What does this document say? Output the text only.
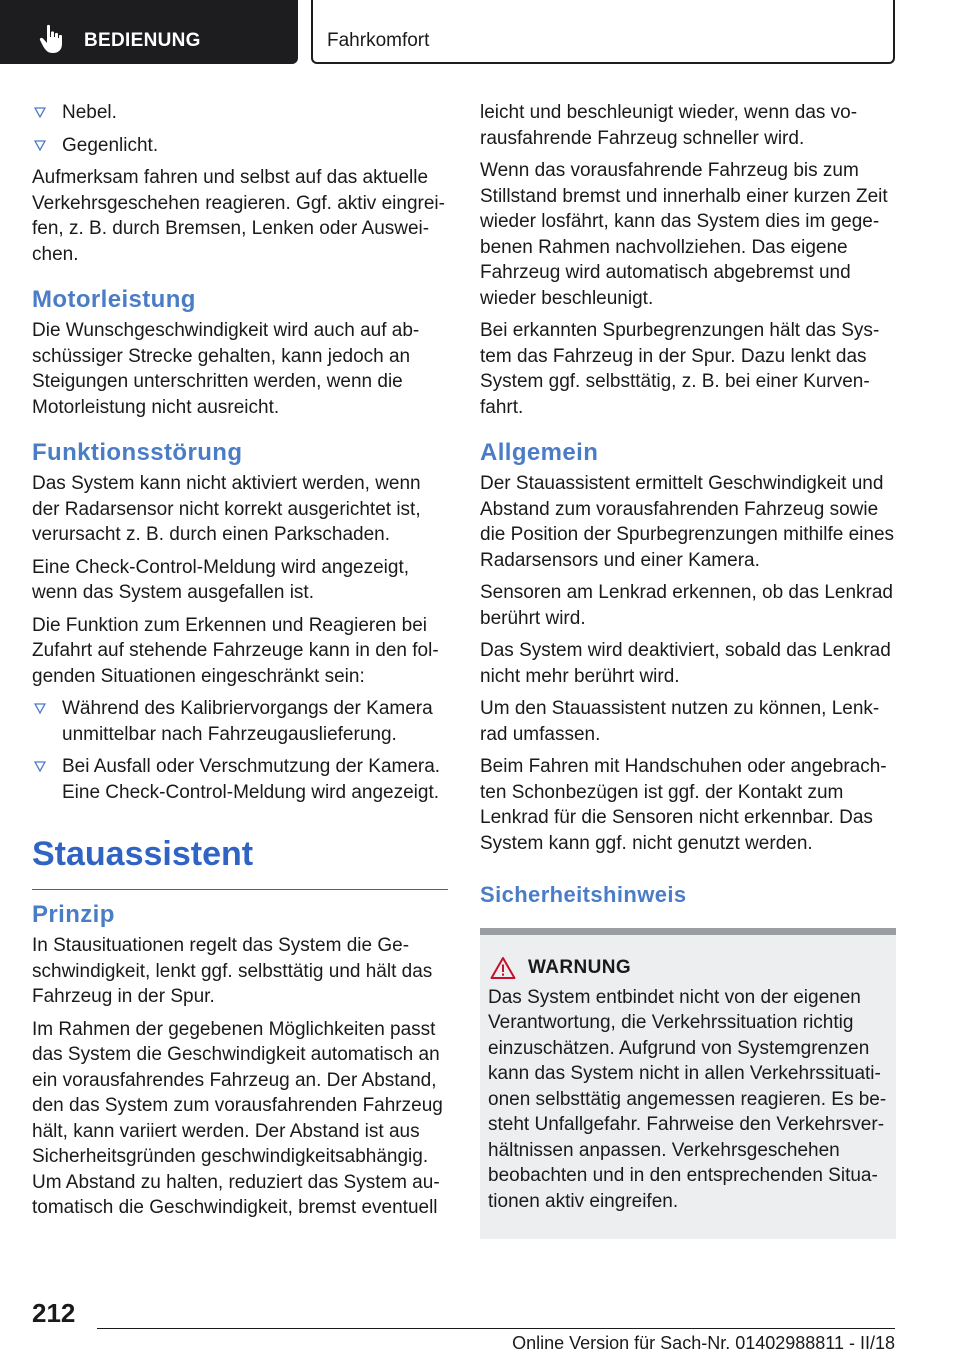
BEDIENUNG	Fahrkomfort
Nebel.
Gegenlicht.

Aufmerksam fahren und selbst auf das aktuelle Verkehrsgeschehen reagieren. Ggf. aktiv eingreifen, z. B. durch Bremsen, Lenken oder Ausweichen.

Motorleistung

Die Wunschgeschwindigkeit wird auch auf abschüssiger Strecke gehalten, kann jedoch an Steigungen unterschritten werden, wenn die Motorleistung nicht ausreicht.

Funktionsstörung

Das System kann nicht aktiviert werden, wenn der Radarsensor nicht korrekt ausgerichtet ist, verursacht z. B. durch einen Parkschaden.

Eine Check-Control-Meldung wird angezeigt, wenn das System ausgefallen ist.

Die Funktion zum Erkennen und Reagieren bei Zufahrt auf stehende Fahrzeuge kann in den folgenden Situationen eingeschränkt sein:

Während des Kalibriervorgangs der Kamera unmittelbar nach Fahrzeugauslieferung.
Bei Ausfall oder Verschmutzung der Kamera. Eine Check-Control-Meldung wird angezeigt.
Stauassistent
Prinzip

In Stausituationen regelt das System die Geschwindigkeit, lenkt ggf. selbsttätig und hält das Fahrzeug in der Spur.

Im Rahmen der gegebenen Möglichkeiten passt das System die Geschwindigkeit automatisch an ein vorausfahrendes Fahrzeug an. Der Abstand, den das System zum vorausfahrenden Fahrzeug hält, kann variiert werden. Der Abstand ist aus Sicherheitsgründen geschwindigkeitsabhängig. Um Abstand zu halten, reduziert das System automatisch die Geschwindigkeit, bremst eventuell

leicht und beschleunigt wieder, wenn das vorausfahrende Fahrzeug schneller wird.

Wenn das vorausfahrende Fahrzeug bis zum Stillstand bremst und innerhalb einer kurzen Zeit wieder losfährt, kann das System dies im gegebenen Rahmen nachvollziehen. Das eigene Fahrzeug wird automatisch abgebremst und wieder beschleunigt.

Bei erkannten Spurbegrenzungen hält das System das Fahrzeug in der Spur. Dazu lenkt das System ggf. selbsttätig, z. B. bei einer Kurvenfahrt.

Allgemein

Der Stauassistent ermittelt Geschwindigkeit und Abstand zum vorausfahrenden Fahrzeug sowie die Position der Spurbegrenzungen mithilfe eines Radarsensors und einer Kamera.

Sensoren am Lenkrad erkennen, ob das Lenkrad berührt wird.

Das System wird deaktiviert, sobald das Lenkrad nicht mehr berührt wird.

Um den Stauassistent nutzen zu können, Lenkrad umfassen.

Beim Fahren mit Handschuhen oder angebrachten Schonbezügen ist ggf. der Kontakt zum Lenkrad für die Sensoren nicht erkennbar. Das System kann ggf. nicht genutzt werden.

Sicherheitshinweis
WARNUNG

Das System entbindet nicht von der eigenen Verantwortung, die Verkehrssituation richtig einzuschätzen. Aufgrund von Systemgrenzen kann das System nicht in allen Verkehrssituationen selbsttätig angemessen reagieren. Es besteht Unfallgefahr. Fahrweise den Verkehrsverhältnissen anpassen. Verkehrsgeschehen beobachten und in den entsprechenden Situationen aktiv eingreifen.

212
Online Version für Sach-Nr. 01402988811 - II/18
